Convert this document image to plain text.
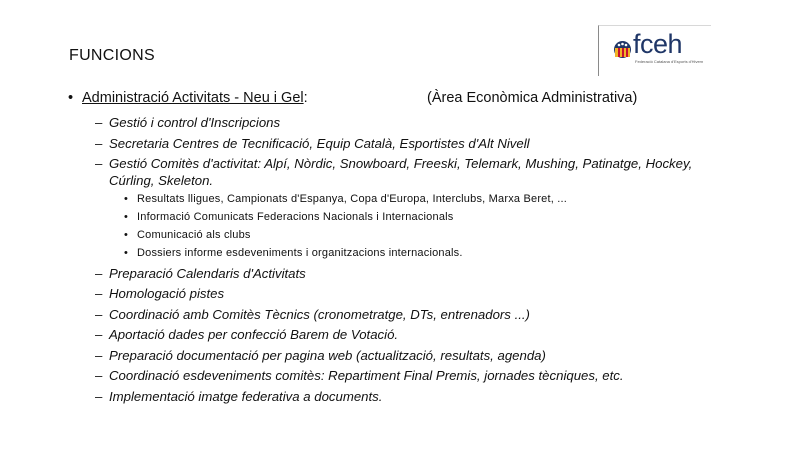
FUNCIONS	fceh
Federació Catalana d'Esports d'Hivern
• Administració Activitats - Neu i Gel:	(Àrea Econòmica Administrativa)
– Gestió i control d'Inscripcions
– Secretaria Centres de Tecnificació, Equip Català, Esportistes d'Alt Nivell
– Gestió Comitès d'activitat: Alpí, Nòrdic, Snowboard, Freeski, Telemark, Mushing, Patinatge, Hockey, Cúrling, Skeleton.
• Resultats lligues, Campionats d'Espanya, Copa d'Europa, Interclubs, Marxa Beret, ...
• Informació Comunicats Federacions Nacionals i Internacionals
• Comunicació als clubs
• Dossiers informe esdeveniments i organitzacions internacionals.
– Preparació Calendaris d'Activitats
– Homologació pistes
– Coordinació amb Comitès Tècnics (cronometratge, DTs, entrenadors ...)
– Aportació dades per confecció Barem de Votació.
– Preparació documentació per pagina web (actualització, resultats, agenda)
– Coordinació esdeveniments comitès: Repartiment Final Premis, jornades tècniques, etc.
– Implementació imatge federativa a documents.
